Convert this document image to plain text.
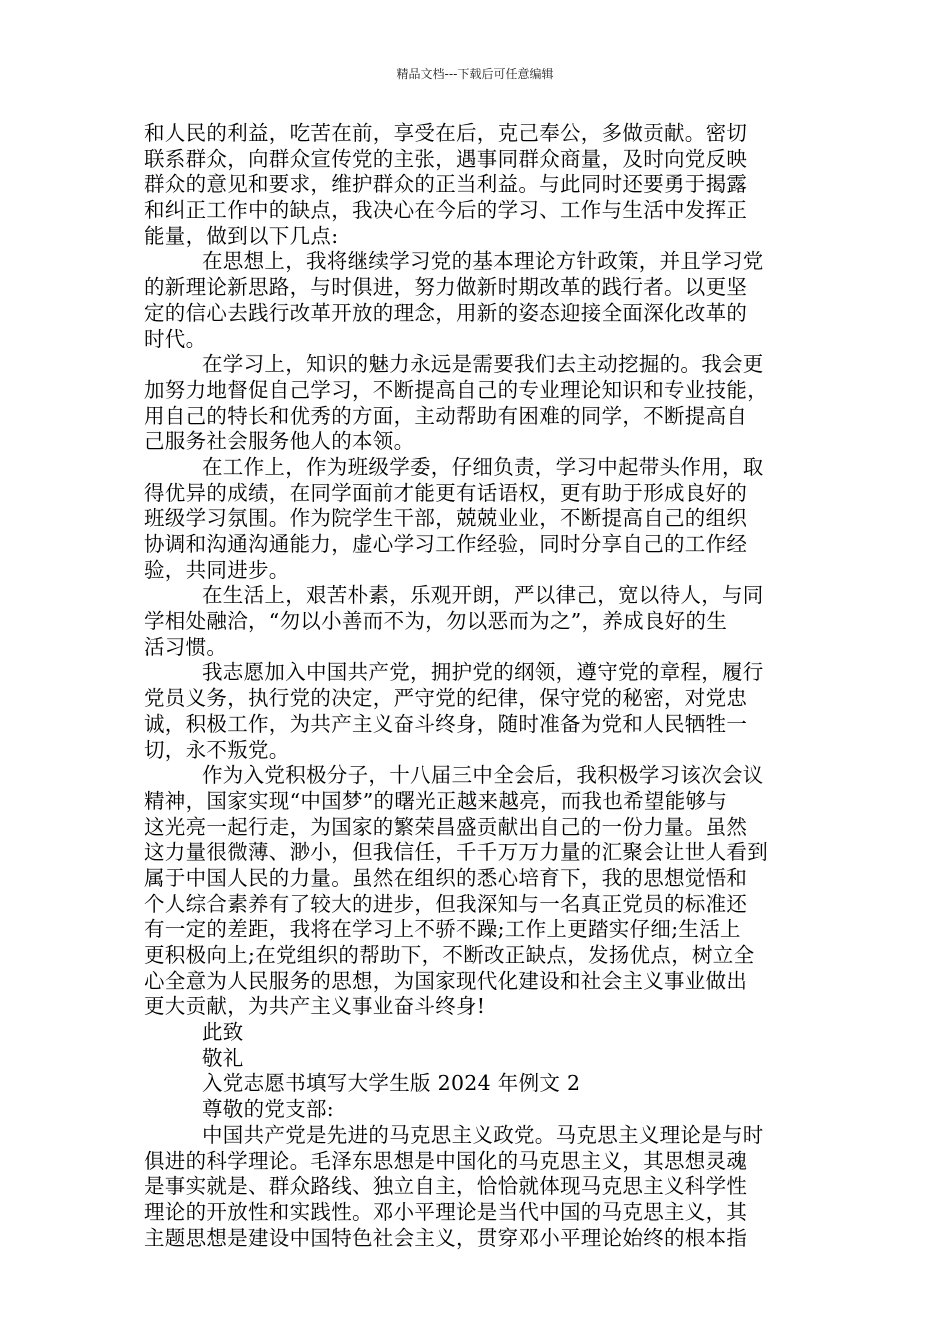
精品文档---下载后可任意编辑
和人民的利益，吃苦在前，享受在后，克己奉公，多做贡献。密切
联系群众，向群众宣传党的主张，遇事同群众商量，及时向党反映
群众的意见和要求，维护群众的正当利益。与此同时还要勇于揭露
和纠正工作中的缺点，我决心在今后的学习、工作与生活中发挥正
能量，做到以下几点:
在思想上，我将继续学习党的基本理论方针政策，并且学习党
的新理论新思路，与时俱进，努力做新时期改革的践行者。以更坚
定的信心去践行改革开放的理念，用新的姿态迎接全面深化改革的
时代。
在学习上，知识的魅力永远是需要我们去主动挖掘的。我会更
加努力地督促自己学习，不断提高自己的专业理论知识和专业技能，
用自己的特长和优秀的方面，主动帮助有困难的同学，不断提高自
己服务社会服务他人的本领。
在工作上，作为班级学委，仔细负责，学习中起带头作用，取
得优异的成绩，在同学面前才能更有话语权，更有助于形成良好的
班级学习氛围。作为院学生干部，兢兢业业，不断提高自己的组织
协调和沟通沟通能力，虚心学习工作经验，同时分享自己的工作经
验，共同进步。
在生活上，艰苦朴素，乐观开朗，严以律己，宽以待人，与同
学相处融洽，“勿以小善而不为，勿以恶而为之”，养成良好的生
活习惯。
我志愿加入中国共产党，拥护党的纲领，遵守党的章程，履行
党员义务，执行党的决定，严守党的纪律，保守党的秘密，对党忠
诚，积极工作，为共产主义奋斗终身，随时准备为党和人民牺牲一
切，永不叛党。
作为入党积极分子，十八届三中全会后，我积极学习该次会议
精神，国家实现“中国梦”的曙光正越来越亮，而我也希望能够与
这光亮一起行走，为国家的繁荣昌盛贡献出自己的一份力量。虽然
这力量很微薄、渺小，但我信任，千千万万力量的汇聚会让世人看到
属于中国人民的力量。虽然在组织的悉心培育下，我的思想觉悟和
个人综合素养有了较大的进步，但我深知与一名真正党员的标准还
有一定的差距，我将在学习上不骄不躁;工作上更踏实仔细;生活上
更积极向上;在党组织的帮助下，不断改正缺点，发扬优点，树立全
心全意为人民服务的思想，为国家现代化建设和社会主义事业做出
更大贡献，为共产主义事业奋斗终身!
此致
敬礼
入党志愿书填写大学生版 2024 年例文 2
尊敬的党支部:
中国共产党是先进的马克思主义政党。马克思主义理论是与时
俱进的科学理论。毛泽东思想是中国化的马克思主义，其思想灵魂
是事实就是、群众路线、独立自主，恰恰就体现马克思主义科学性
理论的开放性和实践性。邓小平理论是当代中国的马克思主义，其
主题思想是建设中国特色社会主义，贯穿邓小平理论始终的根本指
